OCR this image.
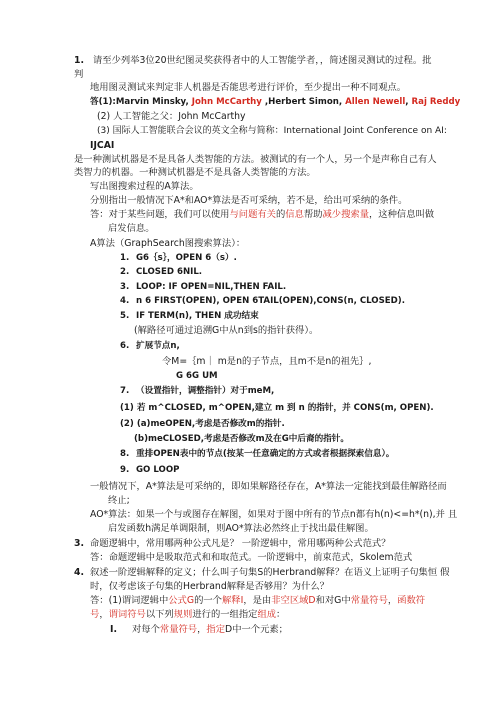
1. 请至少列举3位20世纪图灵奖获得者中的人工智能学者，，简述图灵测试的过程。批
判
地用图灵测试来判定非人机器是否能思考进行评价，至少提出一种不同观点。
答(1):Marvin Minsky, John McCarthy ,Herbert Simon, Allen Newell, Raj Reddy
(2) 人工智能之父：John McCarthy
(3) 国际人工智能联合会议的英文全称与简称：International Joint Conference on AI:
IJCAI
是一种测试机器是不是具备人类智能的方法。被测试的有一个人，另一个是声称自己有人
类智力的机器。一种测试机器是不是具备人类智能的方法。
写出图搜索过程的A算法。
分别指出一般情况下A*和AO*算法是否可采纳，若不是，给出可采纳的条件。
答：对于某些问题，我们可以使用与问题有关的信息帮助减少搜索量，这种信息叫做
启发信息。
A算法（GraphSearch图搜索算法）：
1. G6｛s｝，OPEN 6（s）.
2. CLOSED 6NIL.
3. LOOP: IF OPEN=NIL,THEN FAIL.
4. n 6 FIRST(OPEN), OPEN 6TAIL(OPEN),CONS(n, CLOSED).
5. IF TERM(n), THEN 成功结束
(解路径可通过追溯G中从n到s的指针获得）。
6. 扩展节点n,
令M=｛m｜ m是n的子节点，且m不是n的祖先｝,
G 6G UM
7. （设置指针，调整指针）对于meM,
(1) 若 m^CLOSED, m^OPEN,建立 m 到 n 的指针，并 CONS(m, OPEN).
(2) (a)meOPEN,考虑是否修改m的指针.
(b)meCLOSED,考虑是否修改m及在G中后裔的指针。
8. 重排OPEN表中的节点(按某一任意确定的方式或者根据探索信息）。
9. GO LOOP
一般情况下，A*算法是可采纳的，即如果解路径存在，A*算法一定能找到最佳解路径而
终止;
AO*算法：如果一个与或图存在解图，如果对于图中所有的节点n都有h(n)<=h*(n),并 且
启发函数h满足单调限制，则AO*算法必然终止于找出最佳解图。
3. 命题逻辑中，常用哪两种公式凡是？ 一阶逻辑中，常用哪两种公式范式？
答：命题逻辑中是吸取范式和和取范式。一阶逻辑中，前束范式，Skolem范式
4. 叙述一阶逻辑解释的定义；什么叫子句集S的Herbrand解释？在语义上证明子句集恒 假
时，仅考虑该子句集的Herbrand解释是否够用？为什么？
答：(1)谓词逻辑中公式G的一个解释I，是由非空区域D和对G中常量符号，函数符
号，谓词符号以下列规则进行的一组指定组成：
I. 对每个常量符号，指定D中一个元素；
